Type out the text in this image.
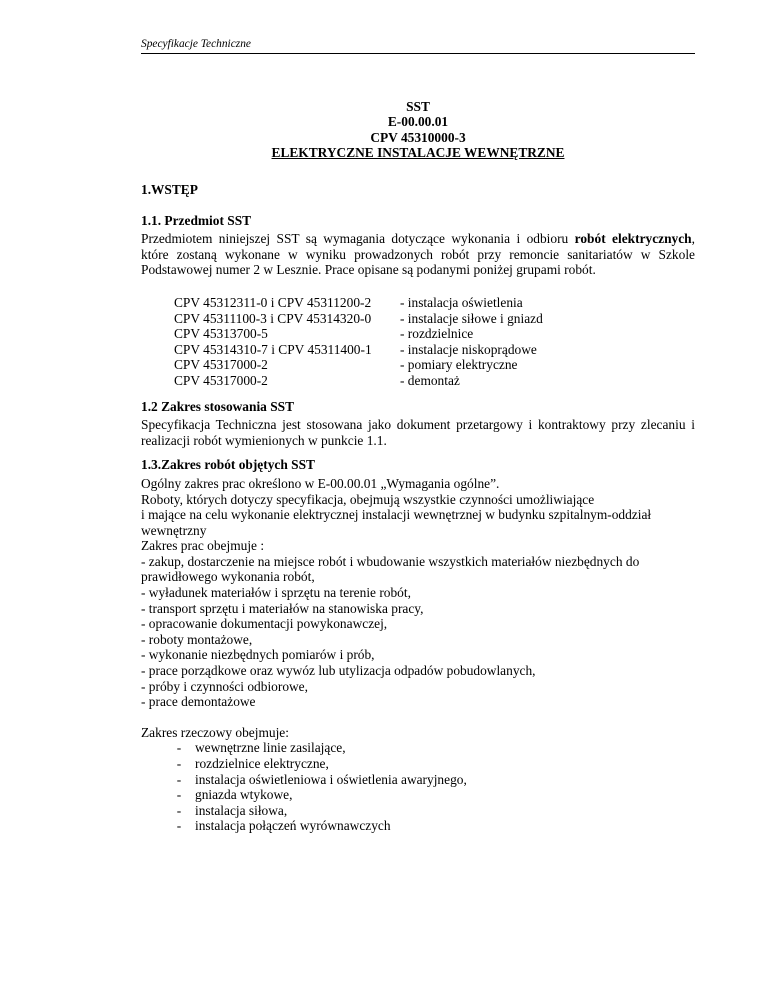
Specyfikacje Techniczne
SST
E-00.00.01
CPV 45310000-3
ELEKTRYCZNE INSTALACJE WEWNĘTRZNE
1.WSTĘP
1.1. Przedmiot SST

Przedmiotem niniejszej SST są wymagania dotyczące wykonania i odbioru robót elektrycznych, które zostaną wykonane w wyniku prowadzonych robót przy remoncie sanitariatów w Szkole Podstawowej numer 2 w Lesznie. Prace opisane są podanymi poniżej grupami robót.

CPV 45312311-0 i CPV 45311200-2	- instalacja oświetlenia
CPV 45311100-3 i CPV 45314320-0	- instalacje siłowe i gniazd
CPV 45313700-5	- rozdzielnice
CPV 45314310-7 i CPV 45311400-1	- instalacje niskoprądowe
CPV 45317000-2	- pomiary elektryczne
CPV 45317000-2	- demontaż
1.2 Zakres stosowania SST

Specyfikacja Techniczna jest stosowana jako dokument przetargowy i kontraktowy przy zlecaniu i realizacji robót wymienionych w punkcie 1.1.

1.3.Zakres robót objętych SST

Ogólny zakres prac określono w E-00.00.01 „Wymagania ogólne”.

Roboty, których dotyczy specyfikacja, obejmują wszystkie czynności umożliwiające

i mające na celu wykonanie elektrycznej instalacji wewnętrznej w budynku szpitalnym-oddział wewnętrzny

Zakres prac obejmuje :

- zakup, dostarczenie na miejsce robót i wbudowanie wszystkich materiałów niezbędnych do prawidłowego wykonania robót,

- wyładunek materiałów i sprzętu na terenie robót,

- transport sprzętu i materiałów na stanowiska pracy,

- opracowanie dokumentacji powykonawczej,

- roboty montażowe,

- wykonanie niezbędnych pomiarów i prób,

- prace porządkowe oraz wywóz lub utylizacja odpadów pobudowlanych,

- próby i czynności odbiorowe,

- prace demontażowe

Zakres rzeczowy obejmuje:

-	wewnętrzne linie zasilające,
-	rozdzielnice elektryczne,
-	instalacja oświetleniowa i oświetlenia awaryjnego,
-	gniazda wtykowe,
-	instalacja siłowa,
-	instalacja połączeń wyrównawczych
